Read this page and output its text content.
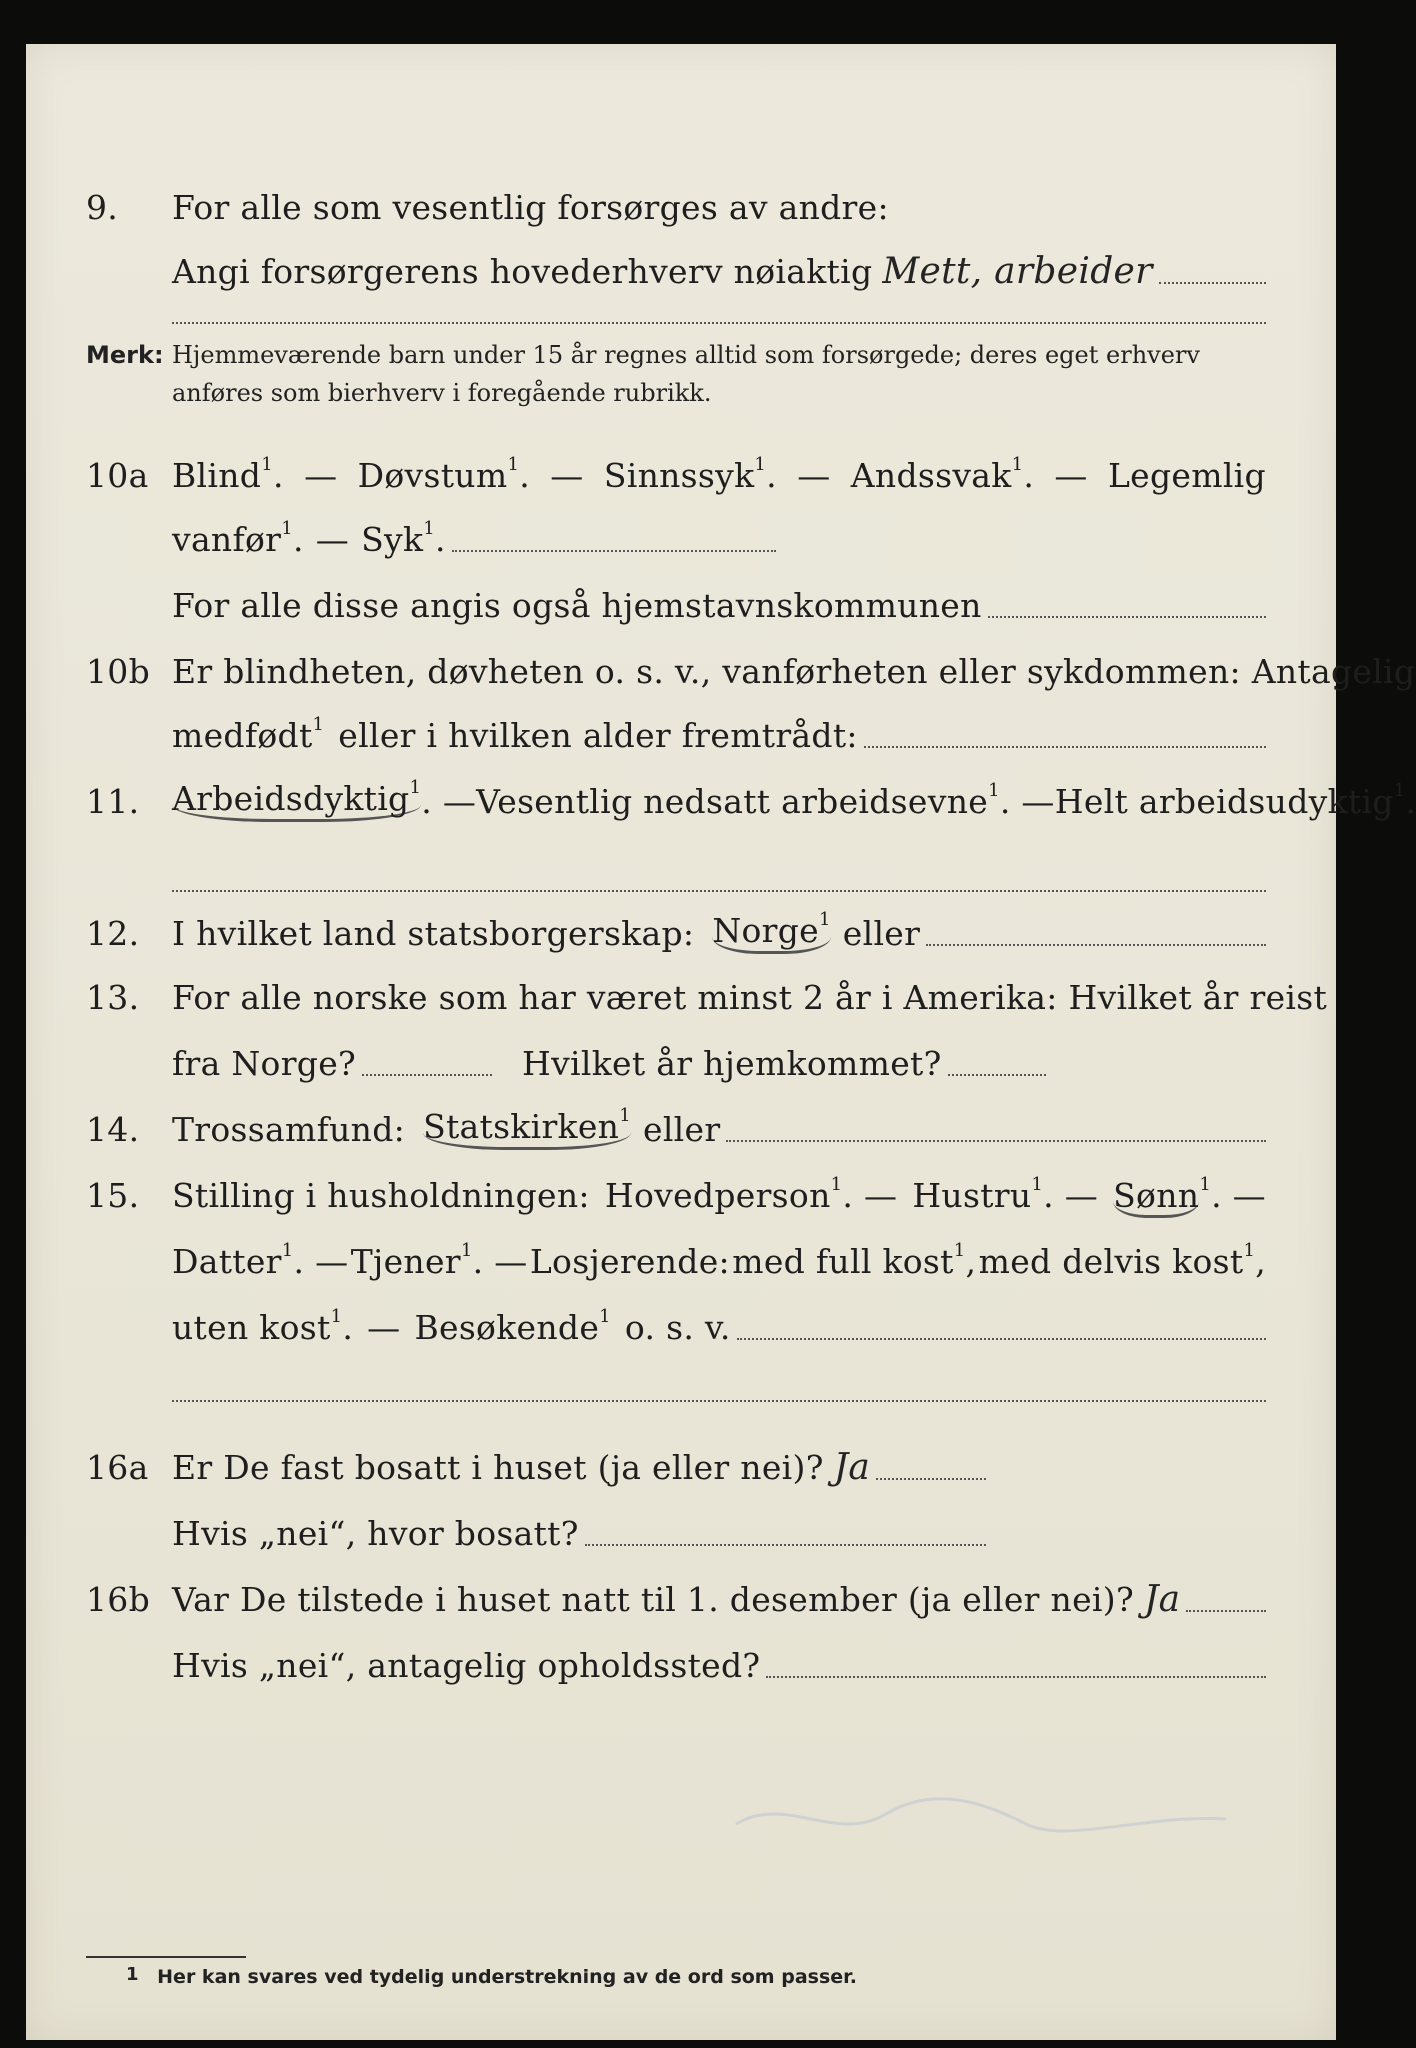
9.	For alle som vesentlig forsørges av andre:
Angi forsørgerens hovederhverv nøiaktig Mett, arbeider
Merk: Hjemmeværende barn under 15 år regnes alltid som forsørgede; deres eget erhverv anføres som bierhverv i foregående rubrikk.
10a Blind$^1$. — Døvstum$^1$. — Sinnssyk$^1$. — Andssvak$^1$. — Legemlig
vanfør$^1$. — Syk$^1$.
For alle disse angis også hjemstavnskommunen
10b Er blindheten, døvheten o. s. v., vanførheten eller sykdommen: Antagelig
medfødt$^1$ eller i hvilken alder fremtrådt:
11. Arbeidsdyktig$^1$ . — Vesentlig nedsatt arbeidsevne$^1$. — Helt arbeidsudyktig$^1$.
12. I hvilket land statsborgerskap: Norge$^1$ eller
13. For alle norske som har været minst 2 år i Amerika: Hvilket år reist
fra Norge?	Hvilket år hjemkommet?
14. Trossamfund: Statskirken$^1$ eller
15. Stilling i husholdningen: Hovedperson$^1$. — Hustru$^1$. — Sønn$^1$. —
Datter$^1$. — Tjener$^1$. — Losjerende: med full kost$^1$, med delvis kost$^1$,
uten kost$^1$. — Besøkende$^1$ o. s. v.
16a Er De fast bosatt i huset (ja eller nei)? Ja
Hvis „nei“, hvor bosatt?
16b Var De tilstede i huset natt til 1. desember (ja eller nei)? Ja
Hvis „nei“, antagelig opholdssted?
$^1$ Her kan svares ved tydelig understrekning av de ord som passer.
